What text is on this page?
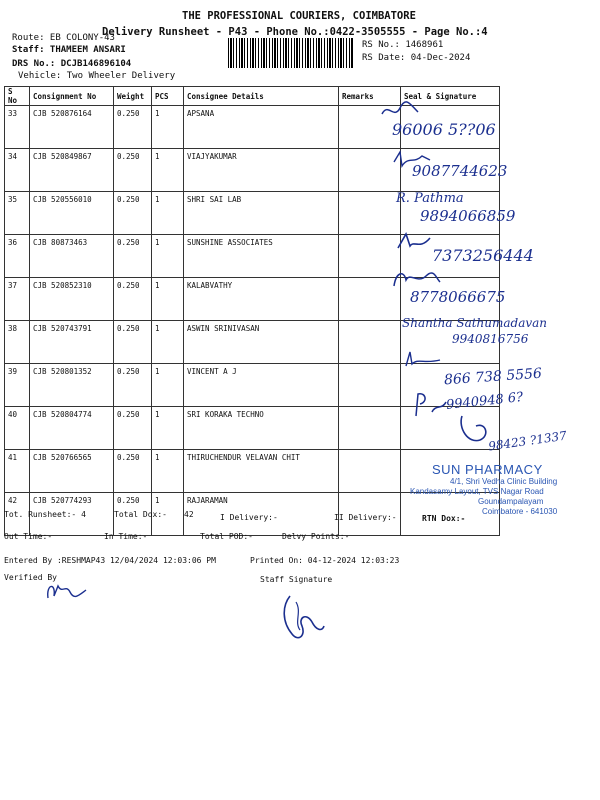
THE PROFESSIONAL COURIERS, COIMBATORE
Delivery Runsheet - P43 - Phone No.:0422-3505555 - Page No.:4
Route: EB COLONY-43
Staff: THAMEEM ANSARI
DRS No.: DCJB146896104
Vehicle: Two Wheeler Delivery
RS No.: 1468961
RS Date: 04-Dec-2024
S No	Consignment No	Weight	PCS	Consignee Details	Remarks	Seal & Signature
33	CJB 520876164	0.250	1	APSANA		
34	CJB 520849867	0.250	1	VIAJYAKUMAR		
35	CJB 520556010	0.250	1	SHRI SAI LAB		
36	CJB 80873463	0.250	1	SUNSHINE ASSOCIATES		
37	CJB 520852310	0.250	1	KALABVATHY		
38	CJB 520743791	0.250	1	ASWIN SRINIVASAN		
39	CJB 520801352	0.250	1	VINCENT A J		
40	CJB 520804774	0.250	1	SRI KORAKA TECHNO		
41	CJB 520766565	0.250	1	THIRUCHENDUR VELAVAN CHIT		
42	CJB 520774293	0.250	1	RAJARAMAN		
96006 5??06
9087744623
R. Pathma
9894066859
7373256444
8778066675
Shantha Sathumadavan
9940816756
866 738 5556
9940948 6?
98423 ?1337
SUN PHARMACY
4/1, Shri Vedha Clinic Building
Kandasamy Layout, TVS Nagar Road
Goundampalayam
Coimbatore - 641030
Tot. Runsheet:- 4	Total Dox:- 42	I Delivery:-	II Delivery:-	RTN Dox:-
Out Time:-	In Time:-	Total POD:-	Delvy Points:-
Entered By :RESHMAP43 12/04/2024 12:03:06 PM	Printed On: 04-12-2024 12:03:23
Verified By	Staff Signature
